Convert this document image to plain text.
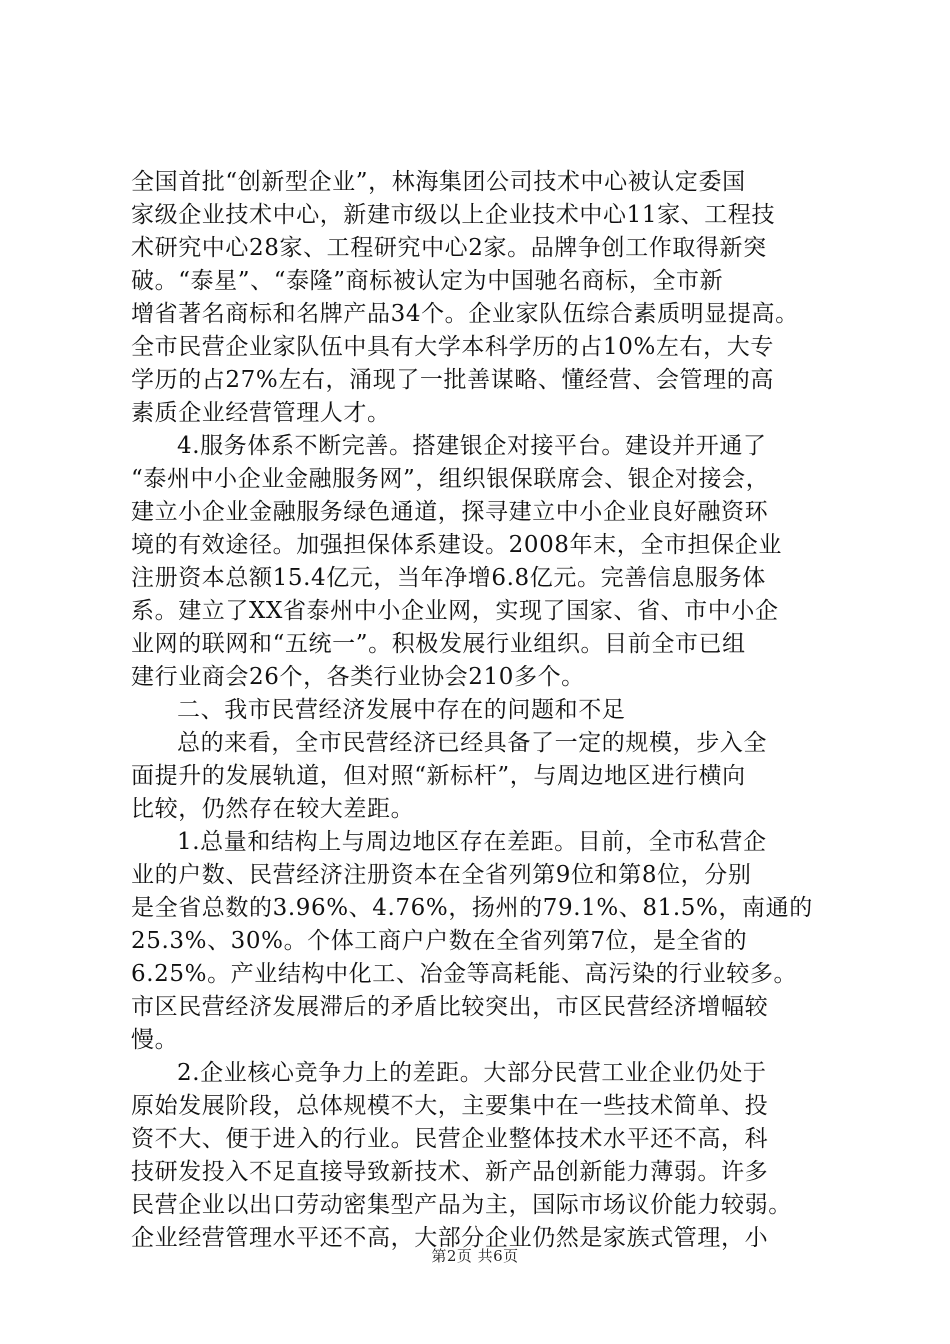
全国首批“创新型企业”，林海集团公司技术中心被认定委国
家级企业技术中心，新建市级以上企业技术中心11家、工程技
术研究中心28家、工程研究中心2家。品牌争创工作取得新突
破。“泰星”、“泰隆”商标被认定为中国驰名商标，全市新
增省著名商标和名牌产品34个。企业家队伍综合素质明显提高。
全市民营企业家队伍中具有大学本科学历的占10%左右，大专
学历的占27%左右，涌现了一批善谋略、懂经营、会管理的高
素质企业经营管理人才。
4.服务体系不断完善。搭建银企对接平台。建设并开通了
“泰州中小企业金融服务网”，组织银保联席会、银企对接会，
建立小企业金融服务绿色通道，探寻建立中小企业良好融资环
境的有效途径。加强担保体系建设。2008年末，全市担保企业
注册资本总额15.4亿元，当年净增6.8亿元。完善信息服务体
系。建立了XX省泰州中小企业网，实现了国家、省、市中小企
业网的联网和“五统一”。积极发展行业组织。目前全市已组
建行业商会26个，各类行业协会210多个。
二、我市民营经济发展中存在的问题和不足
总的来看，全市民营经济已经具备了一定的规模，步入全
面提升的发展轨道，但对照“新标杆”，与周边地区进行横向
比较，仍然存在较大差距。
1.总量和结构上与周边地区存在差距。目前，全市私营企
业的户数、民营经济注册资本在全省列第9位和第8位，分别
是全省总数的3.96%、4.76%，扬州的79.1%、81.5%，南通的
25.3%、30%。个体工商户户数在全省列第7位，是全省的
6.25%。产业结构中化工、冶金等高耗能、高污染的行业较多。
市区民营经济发展滞后的矛盾比较突出，市区民营经济增幅较
慢。
2.企业核心竞争力上的差距。大部分民营工业企业仍处于
原始发展阶段，总体规模不大，主要集中在一些技术简单、投
资不大、便于进入的行业。民营企业整体技术水平还不高，科
技研发投入不足直接导致新技术、新产品创新能力薄弱。许多
民营企业以出口劳动密集型产品为主，国际市场议价能力较弱。
企业经营管理水平还不高，大部分企业仍然是家族式管理，小
第2页 共6页
